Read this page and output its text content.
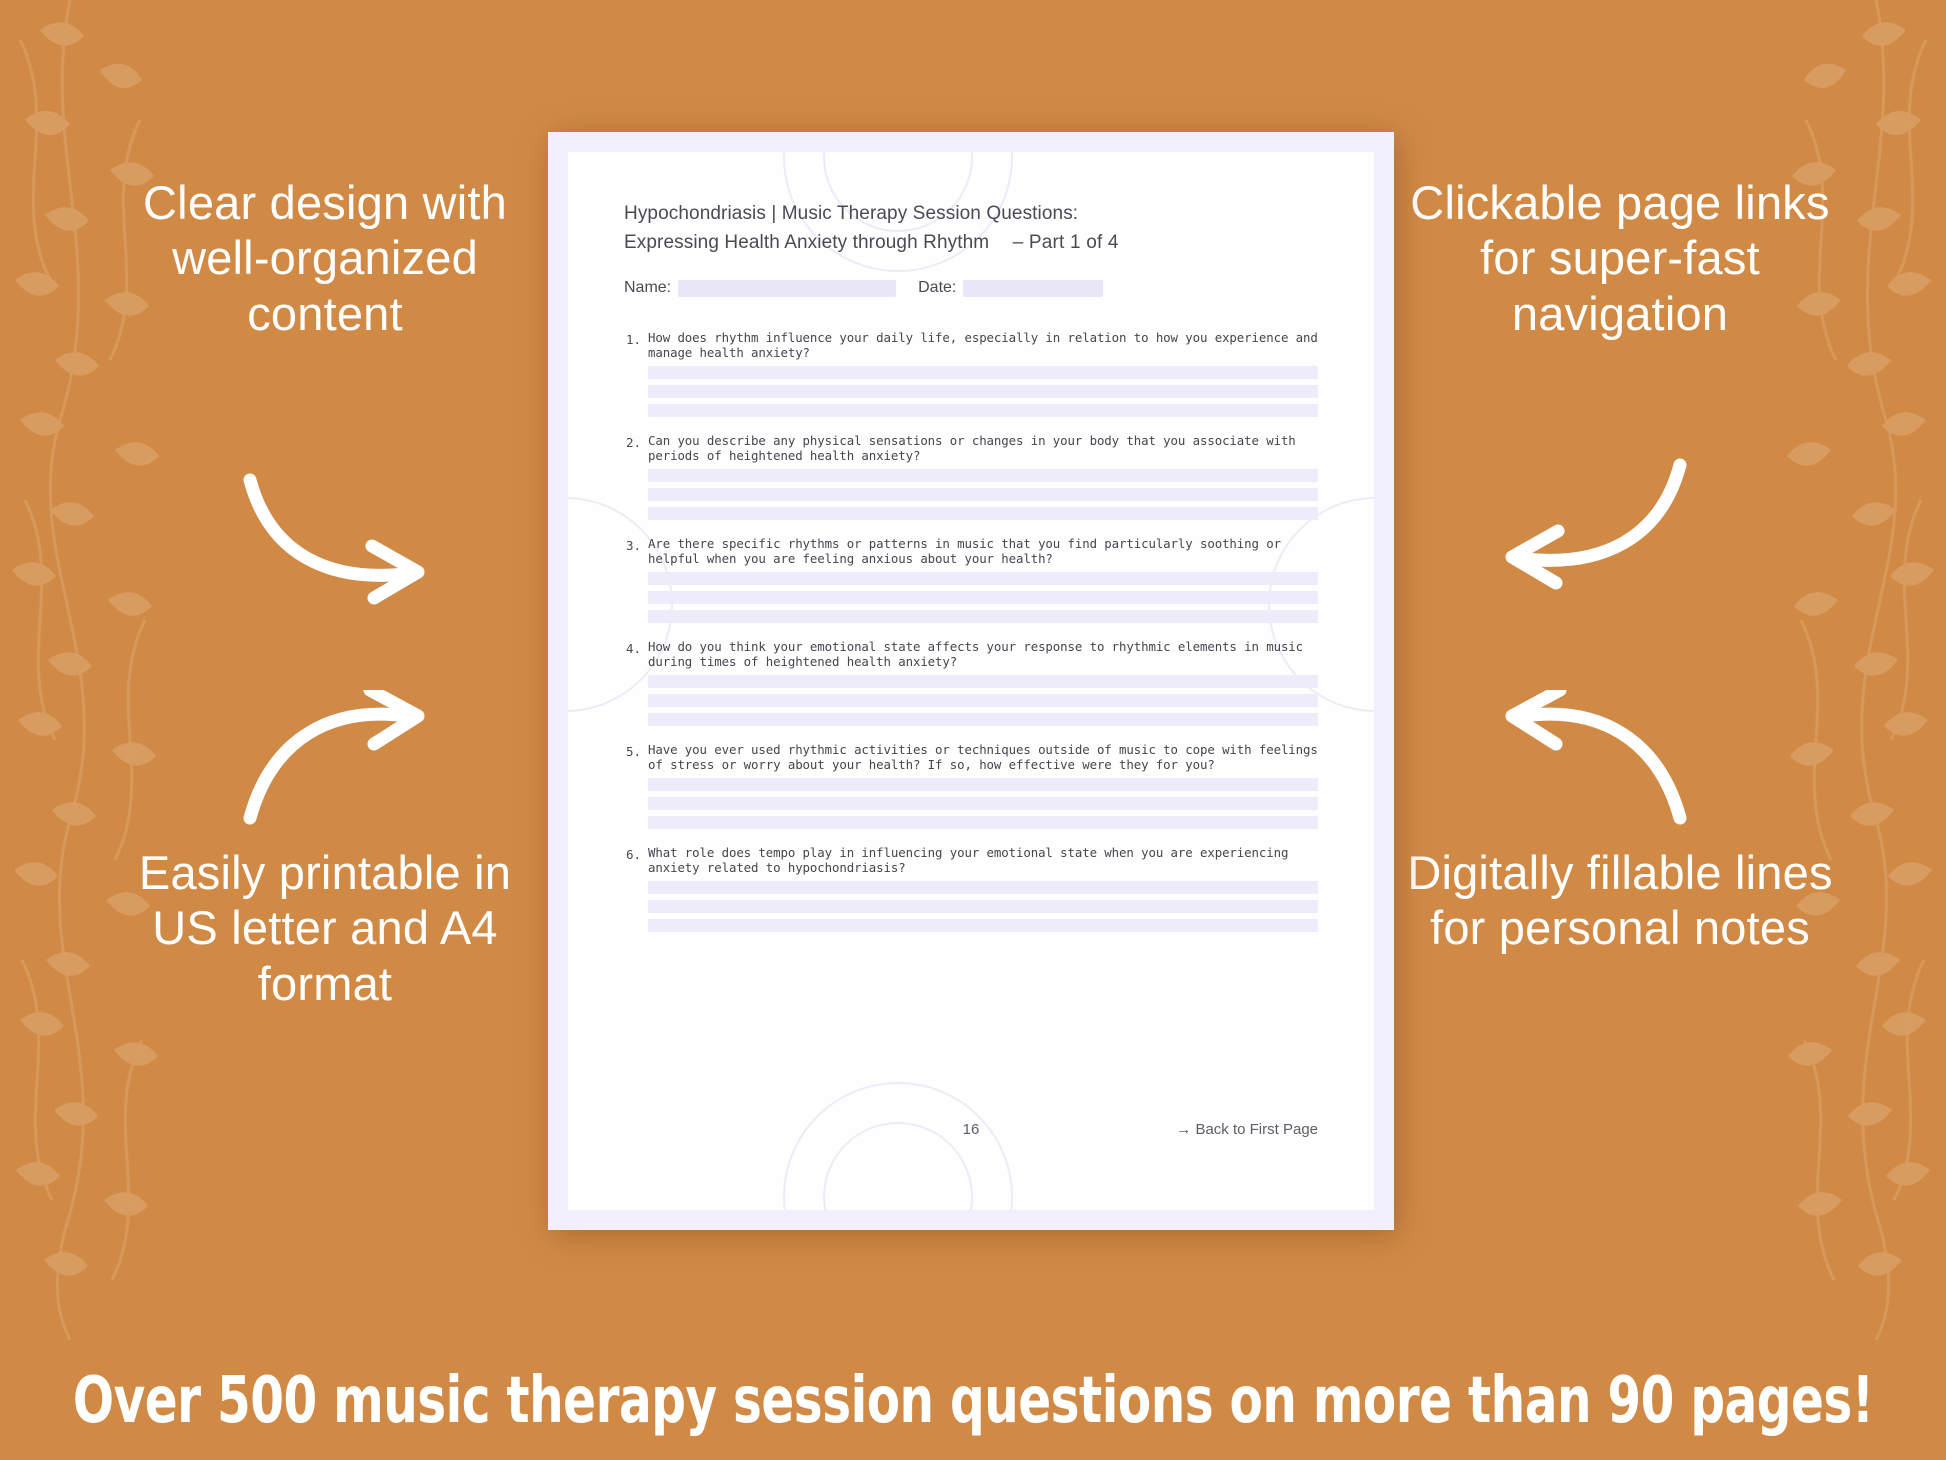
Clear design with well-organized content
Easily printable in US letter and A4 format
Clickable page links for super-fast navigation
Digitally fillable lines for personal notes
Hypochondriasis | Music Therapy Session Questions:
Expressing Health Anxiety through Rhythm – Part 1 of 4
Name:	Date:
1. How does rhythm influence your daily life, especially in relation to how you experience and manage health anxiety?
2. Can you describe any physical sensations or changes in your body that you associate with periods of heightened health anxiety?
3. Are there specific rhythms or patterns in music that you find particularly soothing or helpful when you are feeling anxious about your health?
4. How do you think your emotional state affects your response to rhythmic elements in music during times of heightened health anxiety?
5. Have you ever used rhythmic activities or techniques outside of music to cope with feelings of stress or worry about your health? If so, how effective were they for you?
6. What role does tempo play in influencing your emotional state when you are experiencing anxiety related to hypochondriasis?
16	→ Back to First Page
Over 500 music therapy session questions on more than 90 pages!
